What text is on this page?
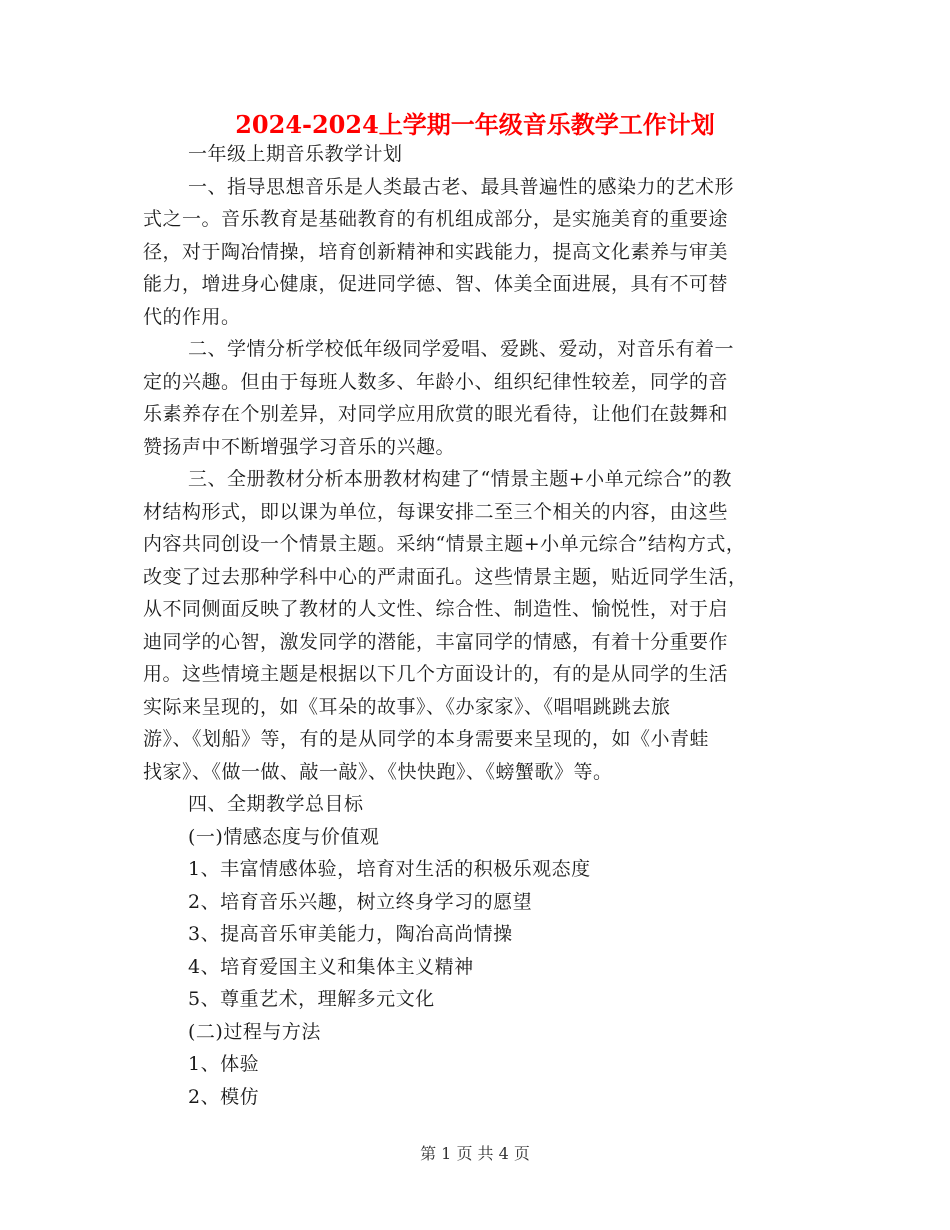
2024-2024上学期一年级音乐教学工作计划
一年级上期音乐教学计划
一、指导思想音乐是人类最古老、最具普遍性的感染力的艺术形
式之一。音乐教育是基础教育的有机组成部分，是实施美育的重要途
径，对于陶冶情操，培育创新精神和实践能力，提高文化素养与审美
能力，增进身心健康，促进同学德、智、体美全面进展，具有不可替
代的作用。
二、学情分析学校低年级同学爱唱、爱跳、爱动，对音乐有着一
定的兴趣。但由于每班人数多、年龄小、组织纪律性较差，同学的音
乐素养存在个别差异，对同学应用欣赏的眼光看待，让他们在鼓舞和
赞扬声中不断增强学习音乐的兴趣。
三、全册教材分析本册教材构建了“情景主题+小单元综合”的教
材结构形式，即以课为单位，每课安排二至三个相关的内容，由这些
内容共同创设一个情景主题。采纳“情景主题+小单元综合”结构方式，
改变了过去那种学科中心的严肃面孔。这些情景主题，贴近同学生活，
从不同侧面反映了教材的人文性、综合性、制造性、愉悦性，对于启
迪同学的心智，激发同学的潜能，丰富同学的情感，有着十分重要作
用。这些情境主题是根据以下几个方面设计的，有的是从同学的生活
实际来呈现的，如《耳朵的故事》、《办家家》、《唱唱跳跳去旅
游》、《划船》等，有的是从同学的本身需要来呈现的，如《小青蛙
找家》、《做一做、敲一敲》、《快快跑》、《螃蟹歌》等。
四、全期教学总目标
(一)情感态度与价值观
1、丰富情感体验，培育对生活的积极乐观态度
2、培育音乐兴趣，树立终身学习的愿望
3、提高音乐审美能力，陶冶高尚情操
4、培育爱国主义和集体主义精神
5、尊重艺术，理解多元文化
(二)过程与方法
1、体验
2、模仿
第 1 页 共 4 页
